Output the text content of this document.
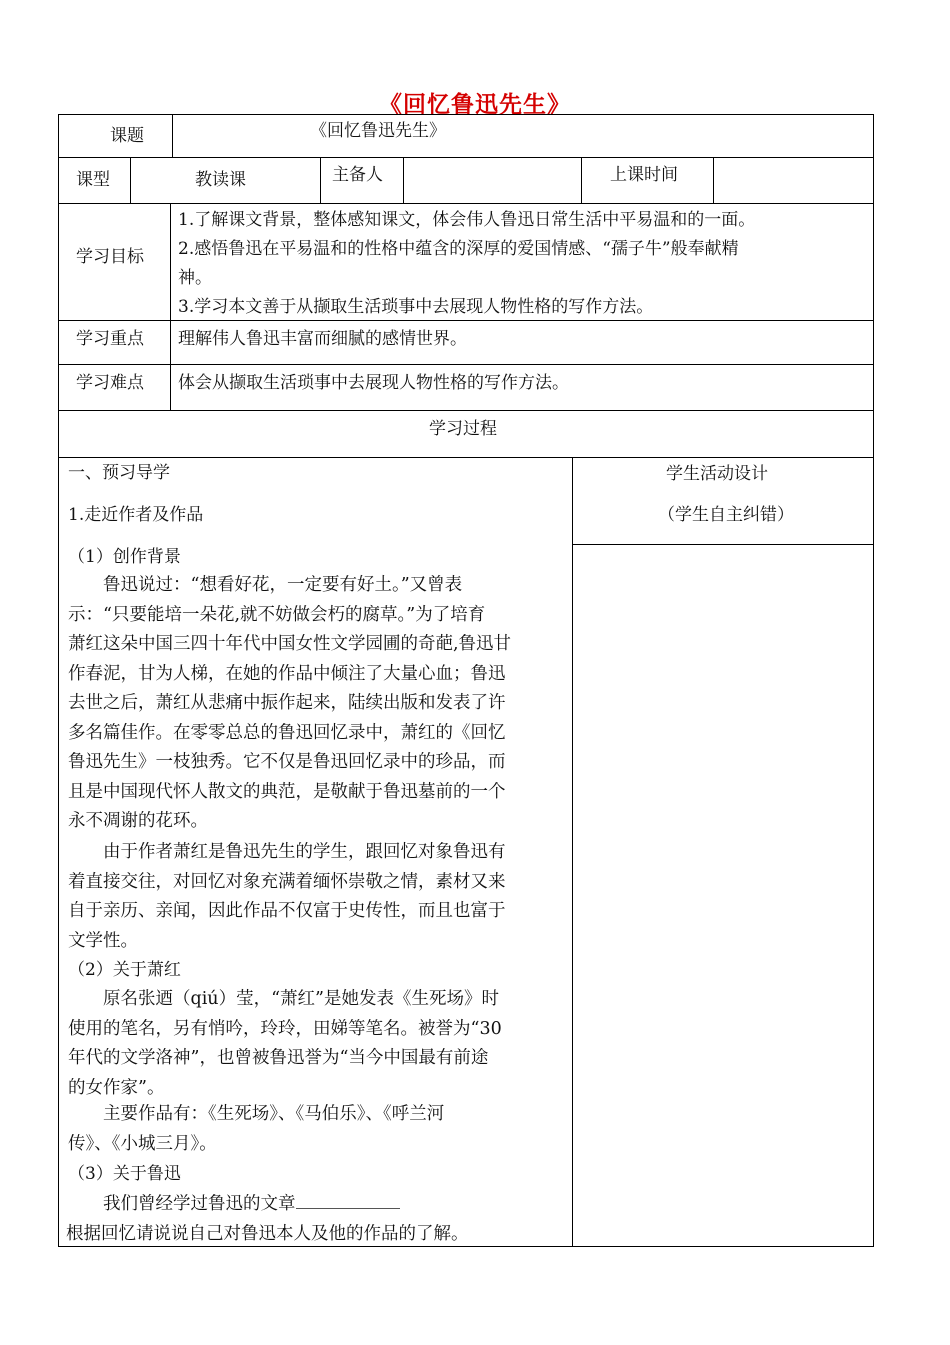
《回忆鲁迅先生》
课题	《回忆鲁迅先生》
课型	教读课	主备人	上课时间
学习目标
1.了解课文背景，整体感知课文，体会伟人鲁迅日常生活中平易温和的一面。
2.感悟鲁迅在平易温和的性格中蕴含的深厚的爱国情感、“孺子牛”般奉献精
神。
3.学习本文善于从撷取生活琐事中去展现人物性格的写作方法。
学习重点 理解伟人鲁迅丰富而细腻的感情世界。
学习难点 体会从撷取生活琐事中去展现人物性格的写作方法。
学习过程
学生活动设计
（学生自主纠错）
一、预习导学
1.走近作者及作品
（1）创作背景
　　鲁迅说过：“想看好花，一定要有好土。”又曾表
示：“只要能培一朵花,就不妨做会朽的腐草。”为了培育
萧红这朵中国三四十年代中国女性文学园圃的奇葩,鲁迅甘
作春泥，甘为人梯，在她的作品中倾注了大量心血；鲁迅
去世之后，萧红从悲痛中振作起来，陆续出版和发表了许
多名篇佳作。在零零总总的鲁迅回忆录中，萧红的《回忆
鲁迅先生》一枝独秀。它不仅是鲁迅回忆录中的珍品，而
且是中国现代怀人散文的典范，是敬献于鲁迅墓前的一个
永不凋谢的花环。
　　由于作者萧红是鲁迅先生的学生，跟回忆对象鲁迅有
着直接交往，对回忆对象充满着缅怀崇敬之情，素材又来
自于亲历、亲闻，因此作品不仅富于史传性，而且也富于
文学性。
（2）关于萧红
　　原名张迺（qiú）莹，“萧红”是她发表《生死场》时
使用的笔名，另有悄吟，玲玲，田娣等笔名。被誉为“30
年代的文学洛神”，也曾被鲁迅誉为“当今中国最有前途
的女作家”。
　　主要作品有：《生死场》、《马伯乐》、《呼兰河
传》、《小城三月》。
（3）关于鲁迅
　　我们曾经学过鲁迅的文章
根据回忆请说说自己对鲁迅本人及他的作品的了解。
